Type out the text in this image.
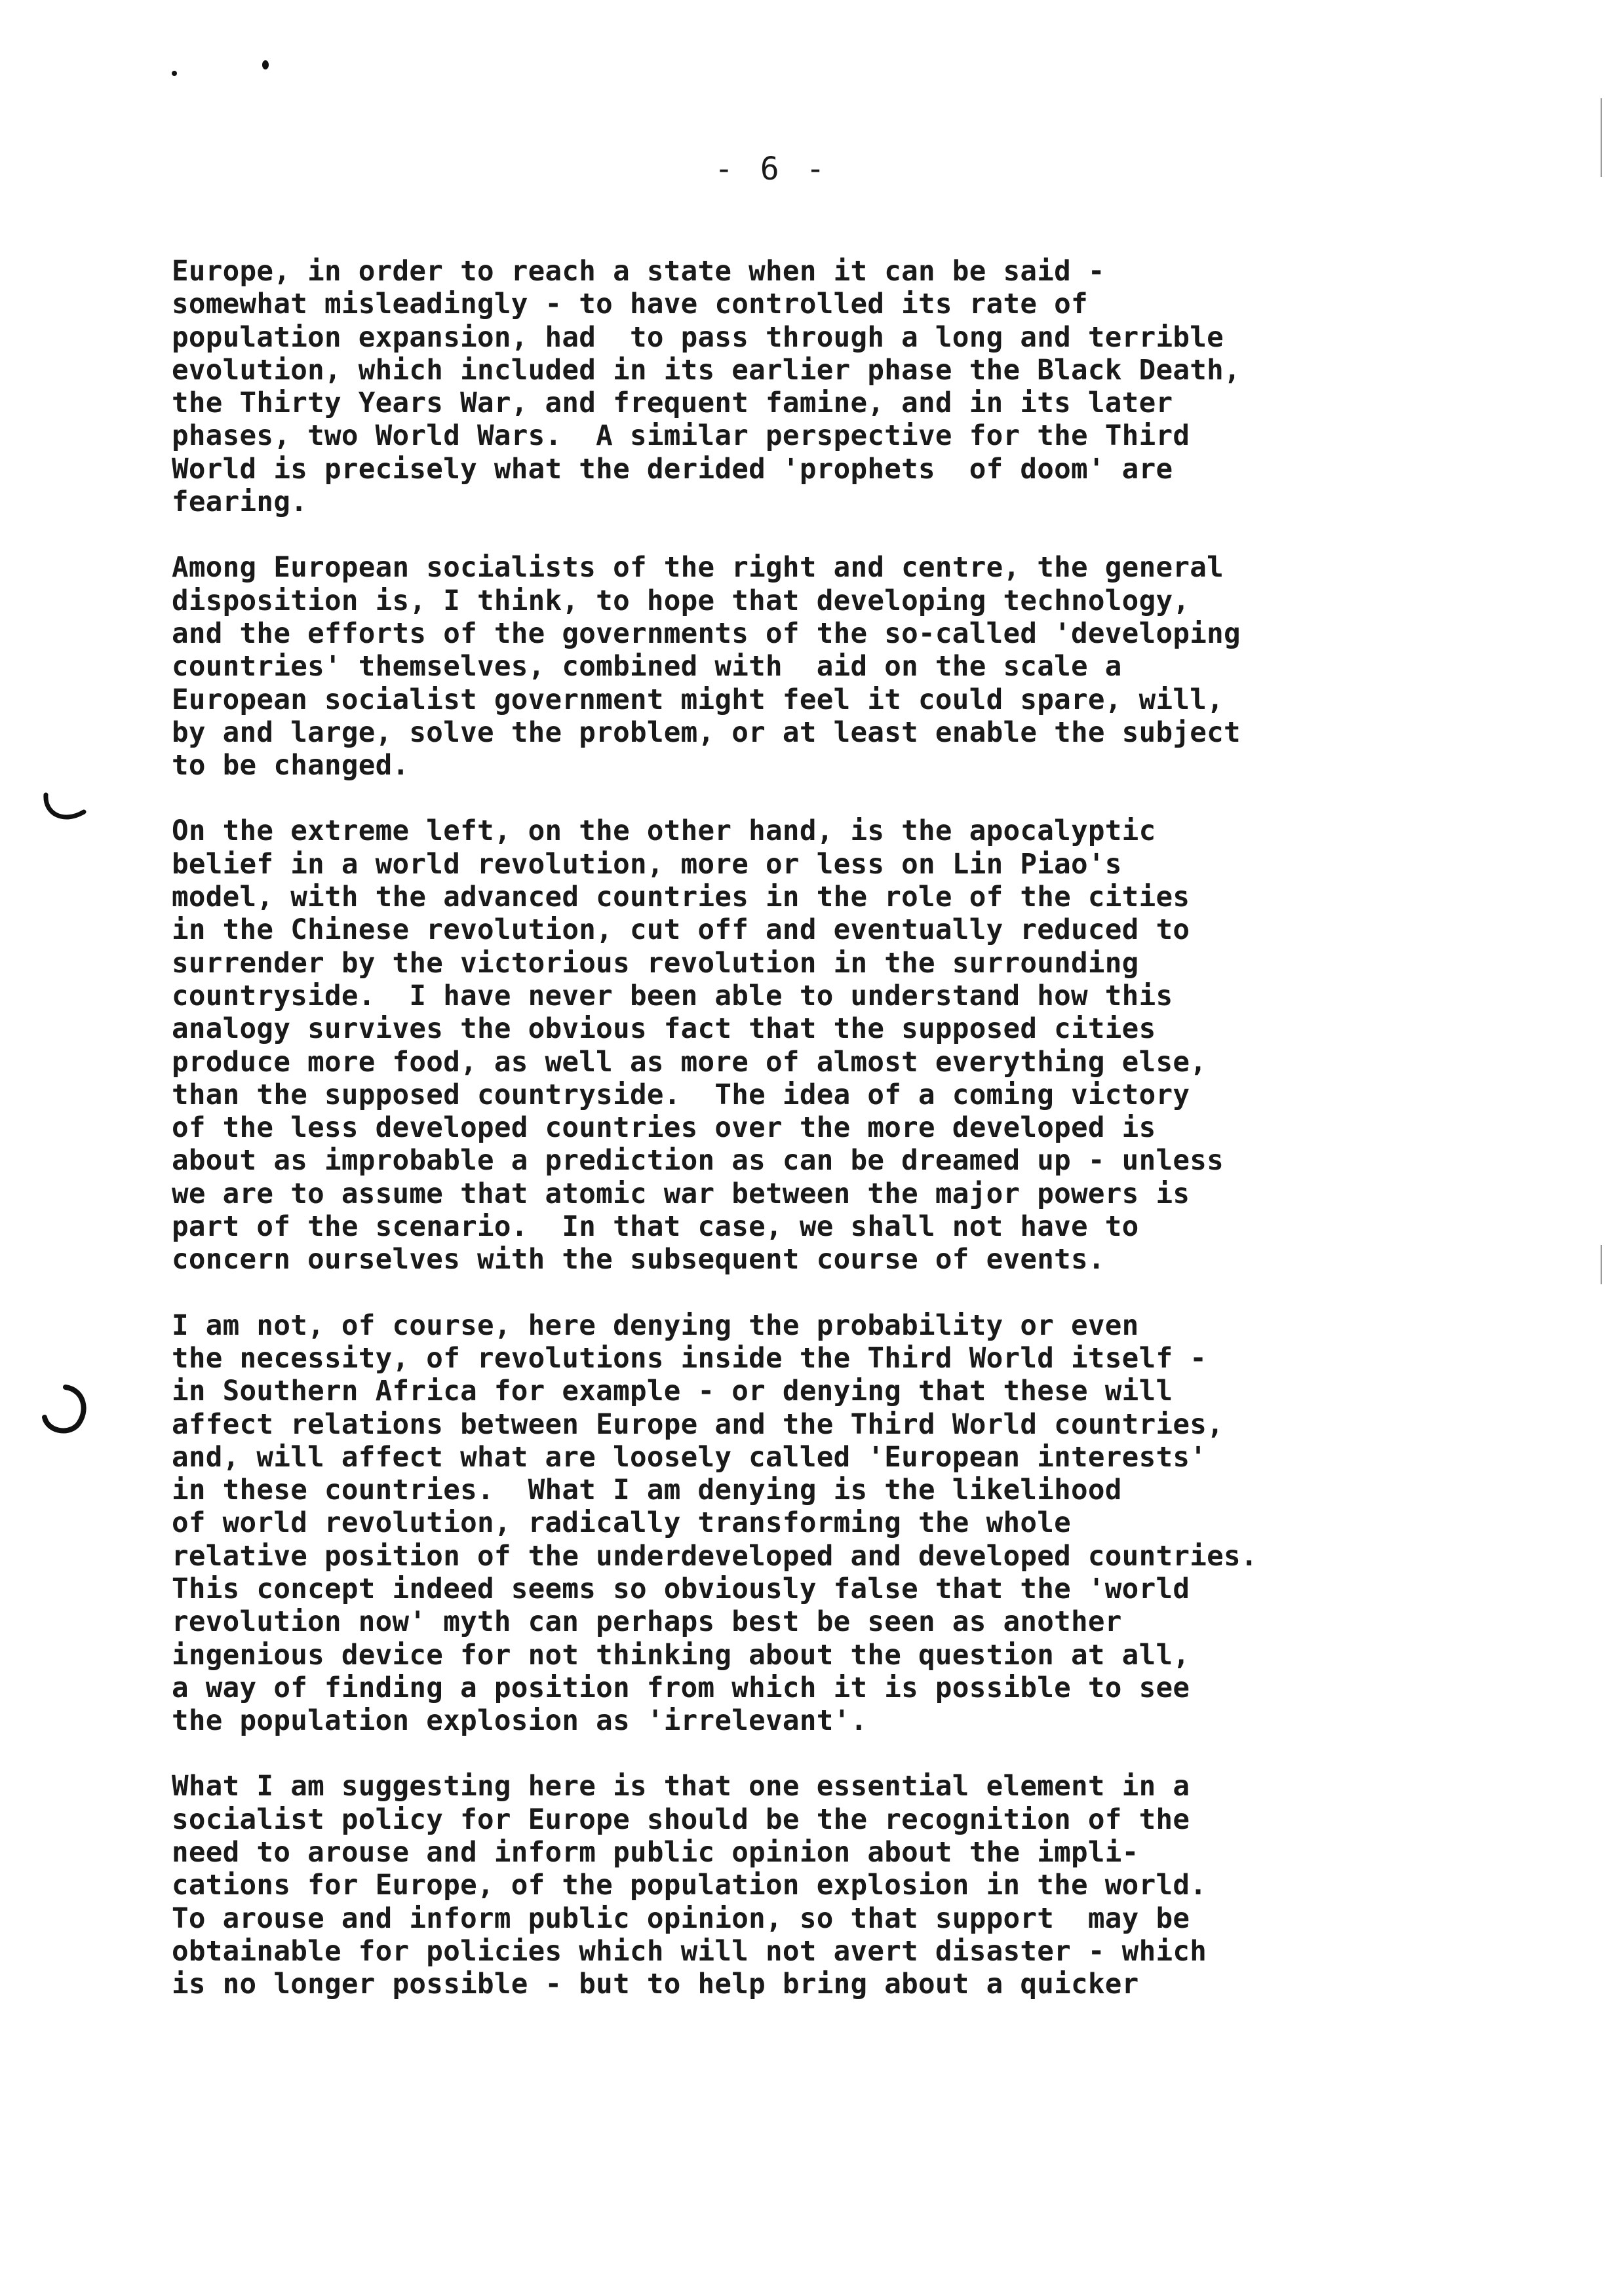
- 6 -
Europe, in order to reach a state when it can be said -
somewhat misleadingly - to have controlled its rate of
population expansion, had  to pass through a long and terrible
evolution, which included in its earlier phase the Black Death,
the Thirty Years War, and frequent famine, and in its later
phases, two World Wars.  A similar perspective for the Third
World is precisely what the derided 'prophets  of doom' are
fearing.
Among European socialists of the right and centre, the general
disposition is, I think, to hope that developing technology,
and the efforts of the governments of the so-called 'developing
countries' themselves, combined with  aid on the scale a
European socialist government might feel it could spare, will,
by and large, solve the problem, or at least enable the subject
to be changed.
On the extreme left, on the other hand, is the apocalyptic
belief in a world revolution, more or less on Lin Piao's
model, with the advanced countries in the role of the cities
in the Chinese revolution, cut off and eventually reduced to
surrender by the victorious revolution in the surrounding
countryside.  I have never been able to understand how this
analogy survives the obvious fact that the supposed cities
produce more food, as well as more of almost everything else,
than the supposed countryside.  The idea of a coming victory
of the less developed countries over the more developed is
about as improbable a prediction as can be dreamed up - unless
we are to assume that atomic war between the major powers is
part of the scenario.  In that case, we shall not have to
concern ourselves with the subsequent course of events.
I am not, of course, here denying the probability or even
the necessity, of revolutions inside the Third World itself -
in Southern Africa for example - or denying that these will
affect relations between Europe and the Third World countries,
and, will affect what are loosely called 'European interests'
in these countries.  What I am denying is the likelihood
of world revolution, radically transforming the whole
relative position of the underdeveloped and developed countries.
This concept indeed seems so obviously false that the 'world
revolution now' myth can perhaps best be seen as another
ingenious device for not thinking about the question at all,
a way of finding a position from which it is possible to see
the population explosion as 'irrelevant'.
What I am suggesting here is that one essential element in a
socialist policy for Europe should be the recognition of the
need to arouse and inform public opinion about the impli-
cations for Europe, of the population explosion in the world.
To arouse and inform public opinion, so that support  may be
obtainable for policies which will not avert disaster - which
is no longer possible - but to help bring about a quicker
